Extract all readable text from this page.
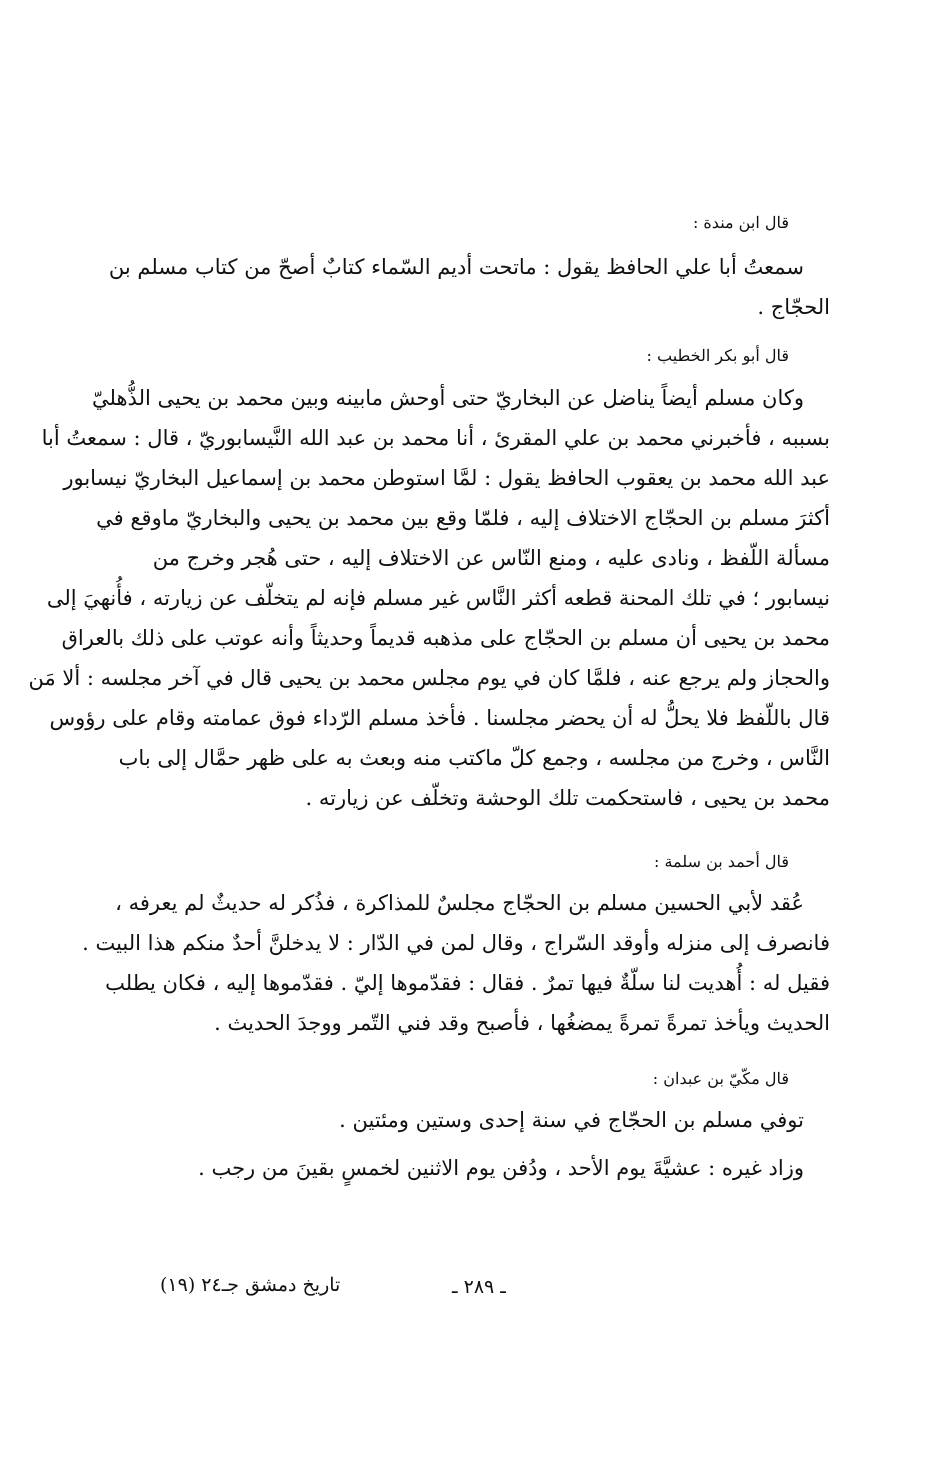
قال ابن مندة :
سمعتُ أبا علي الحافظ يقول : ماتحت أديم السّماء كتابٌ أصحّ من كتاب مسلم بن
الحجّاج .
قال أبو بكر الخطيب :
وكان مسلم أيضاً يناضل عن البخاريّ حتى أوحش مابينه وبين محمد بن يحيى الذُّهليّ
بسببه ، فأخبرني محمد بن علي المقرئ ، أنا محمد بن عبد الله النَّيسابوريّ ، قال : سمعتُ أبا
عبد الله محمد بن يعقوب الحافظ يقول : لمَّا استوطن محمد بن إسماعيل البخاريّ نيسابور
أكثرَ مسلم بن الحجّاج الاختلاف إليه ، فلمّا وقع بين محمد بن يحيى والبخاريّ ماوقع في
مسألة اللّفظ ، ونادى عليه ، ومنع النّاس عن الاختلاف إليه ، حتى هُجر وخرج من
نيسابور ؛ في تلك المحنة قطعه أكثر النَّاس غير مسلم فإنه لم يتخلّف عن زيارته ، فأُنهيَ إلى
محمد بن يحيى أن مسلم بن الحجّاج على مذهبه قديماً وحديثاً وأنه عوتب على ذلك بالعراق
والحجاز ولم يرجع عنه ، فلمَّا كان في يوم مجلس محمد بن يحيى قال في آخر مجلسه : ألا مَن
قال باللّفظ فلا يحلُّ له أن يحضر مجلسنا . فأخذ مسلم الرّداء فوق عمامته وقام على رؤوس
النَّاس ، وخرج من مجلسه ، وجمع كلّ ماكتب منه وبعث به على ظهر حمَّال إلى باب
محمد بن يحيى ، فاستحكمت تلك الوحشة وتخلّف عن زيارته .
قال أحمد بن سلمة :
عُقد لأبي الحسين مسلم بن الحجّاج مجلسٌ للمذاكرة ، فذُكر له حديثٌ لم يعرفه ،
فانصرف إلى منزله وأوقد السّراج ، وقال لمن في الدّار : لا يدخلنَّ أحدٌ منكم هذا البيت .
فقيل له : أُهديت لنا سلّةٌ فيها تمرٌ . فقال : فقدّموها إليّ . فقدّموها إليه ، فكان يطلب
الحديث ويأخذ تمرةً تمرةً يمضغُها ، فأصبح وقد فني التّمر ووجدَ الحديث .
قال مكّيّ بن عبدان :
توفي مسلم بن الحجّاج في سنة إحدى وستين ومئتين .
وزاد غيره : عشيَّةَ يوم الأحد ، ودُفن يوم الاثنين لخمسٍ بقينَ من رجب .
تاريخ دمشق جـ٢٤ (١٩)	ـ ٢٨٩ ـ
